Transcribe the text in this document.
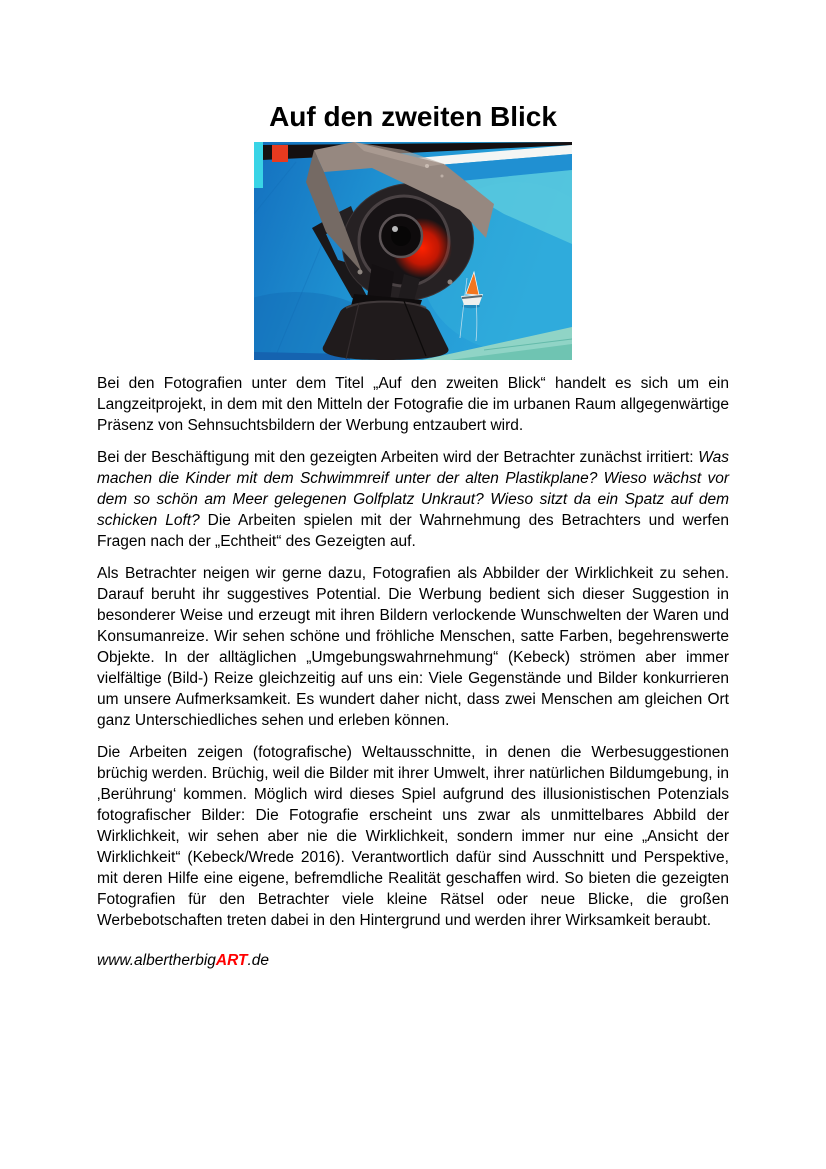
Auf den zweiten Blick

Bei den Fotografien unter dem Titel „Auf den zweiten Blick“ handelt es sich um ein Langzeitprojekt, in dem mit den Mitteln der Fotografie die im urbanen Raum allgegenwärtige Präsenz von Sehnsuchtsbildern der Werbung entzaubert wird.

Bei der Beschäftigung mit den gezeigten Arbeiten wird der Betrachter zunächst irritiert: Was machen die Kinder mit dem Schwimmreif unter der alten Plastikplane? Wieso wächst vor dem so schön am Meer gelegenen Golfplatz Unkraut? Wieso sitzt da ein Spatz auf dem schicken Loft? Die Arbeiten spielen mit der Wahrnehmung des Betrachters und werfen Fragen nach der „Echtheit“ des Gezeigten auf.

Als Betrachter neigen wir gerne dazu, Fotografien als Abbilder der Wirklichkeit zu sehen. Darauf beruht ihr suggestives Potential. Die Werbung bedient sich dieser Suggestion in besonderer Weise und erzeugt mit ihren Bildern verlockende Wunschwelten der Waren und Konsumanreize. Wir sehen schöne und fröhliche Menschen, satte Farben, begehrenswerte Objekte. In der alltäglichen „Umgebungswahrnehmung“ (Kebeck) strömen aber immer vielfältige (Bild-) Reize gleichzeitig auf uns ein: Viele Gegenstände und Bilder konkurrieren um unsere Aufmerksamkeit. Es wundert daher nicht, dass zwei Menschen am gleichen Ort ganz Unterschiedliches sehen und erleben können.

Die Arbeiten zeigen (fotografische) Weltausschnitte, in denen die Werbesuggestionen brüchig werden. Brüchig, weil die Bilder mit ihrer Umwelt, ihrer natürlichen Bildumgebung, in ‚Berührung‘ kommen. Möglich wird dieses Spiel aufgrund des illusionistischen Potenzials fotografischer Bilder: Die Fotografie erscheint uns zwar als unmittelbares Abbild der Wirklichkeit, wir sehen aber nie die Wirklichkeit, sondern immer nur eine „Ansicht der Wirklichkeit“ (Kebeck/Wrede 2016). Verantwortlich dafür sind Ausschnitt und Perspektive, mit deren Hilfe eine eigene, befremdliche Realität geschaffen wird. So bieten die gezeigten Fotografien für den Betrachter viele kleine Rätsel oder neue Blicke, die großen Werbebotschaften treten dabei in den Hintergrund und werden ihrer Wirksamkeit beraubt.

www.albertherbigART.de
